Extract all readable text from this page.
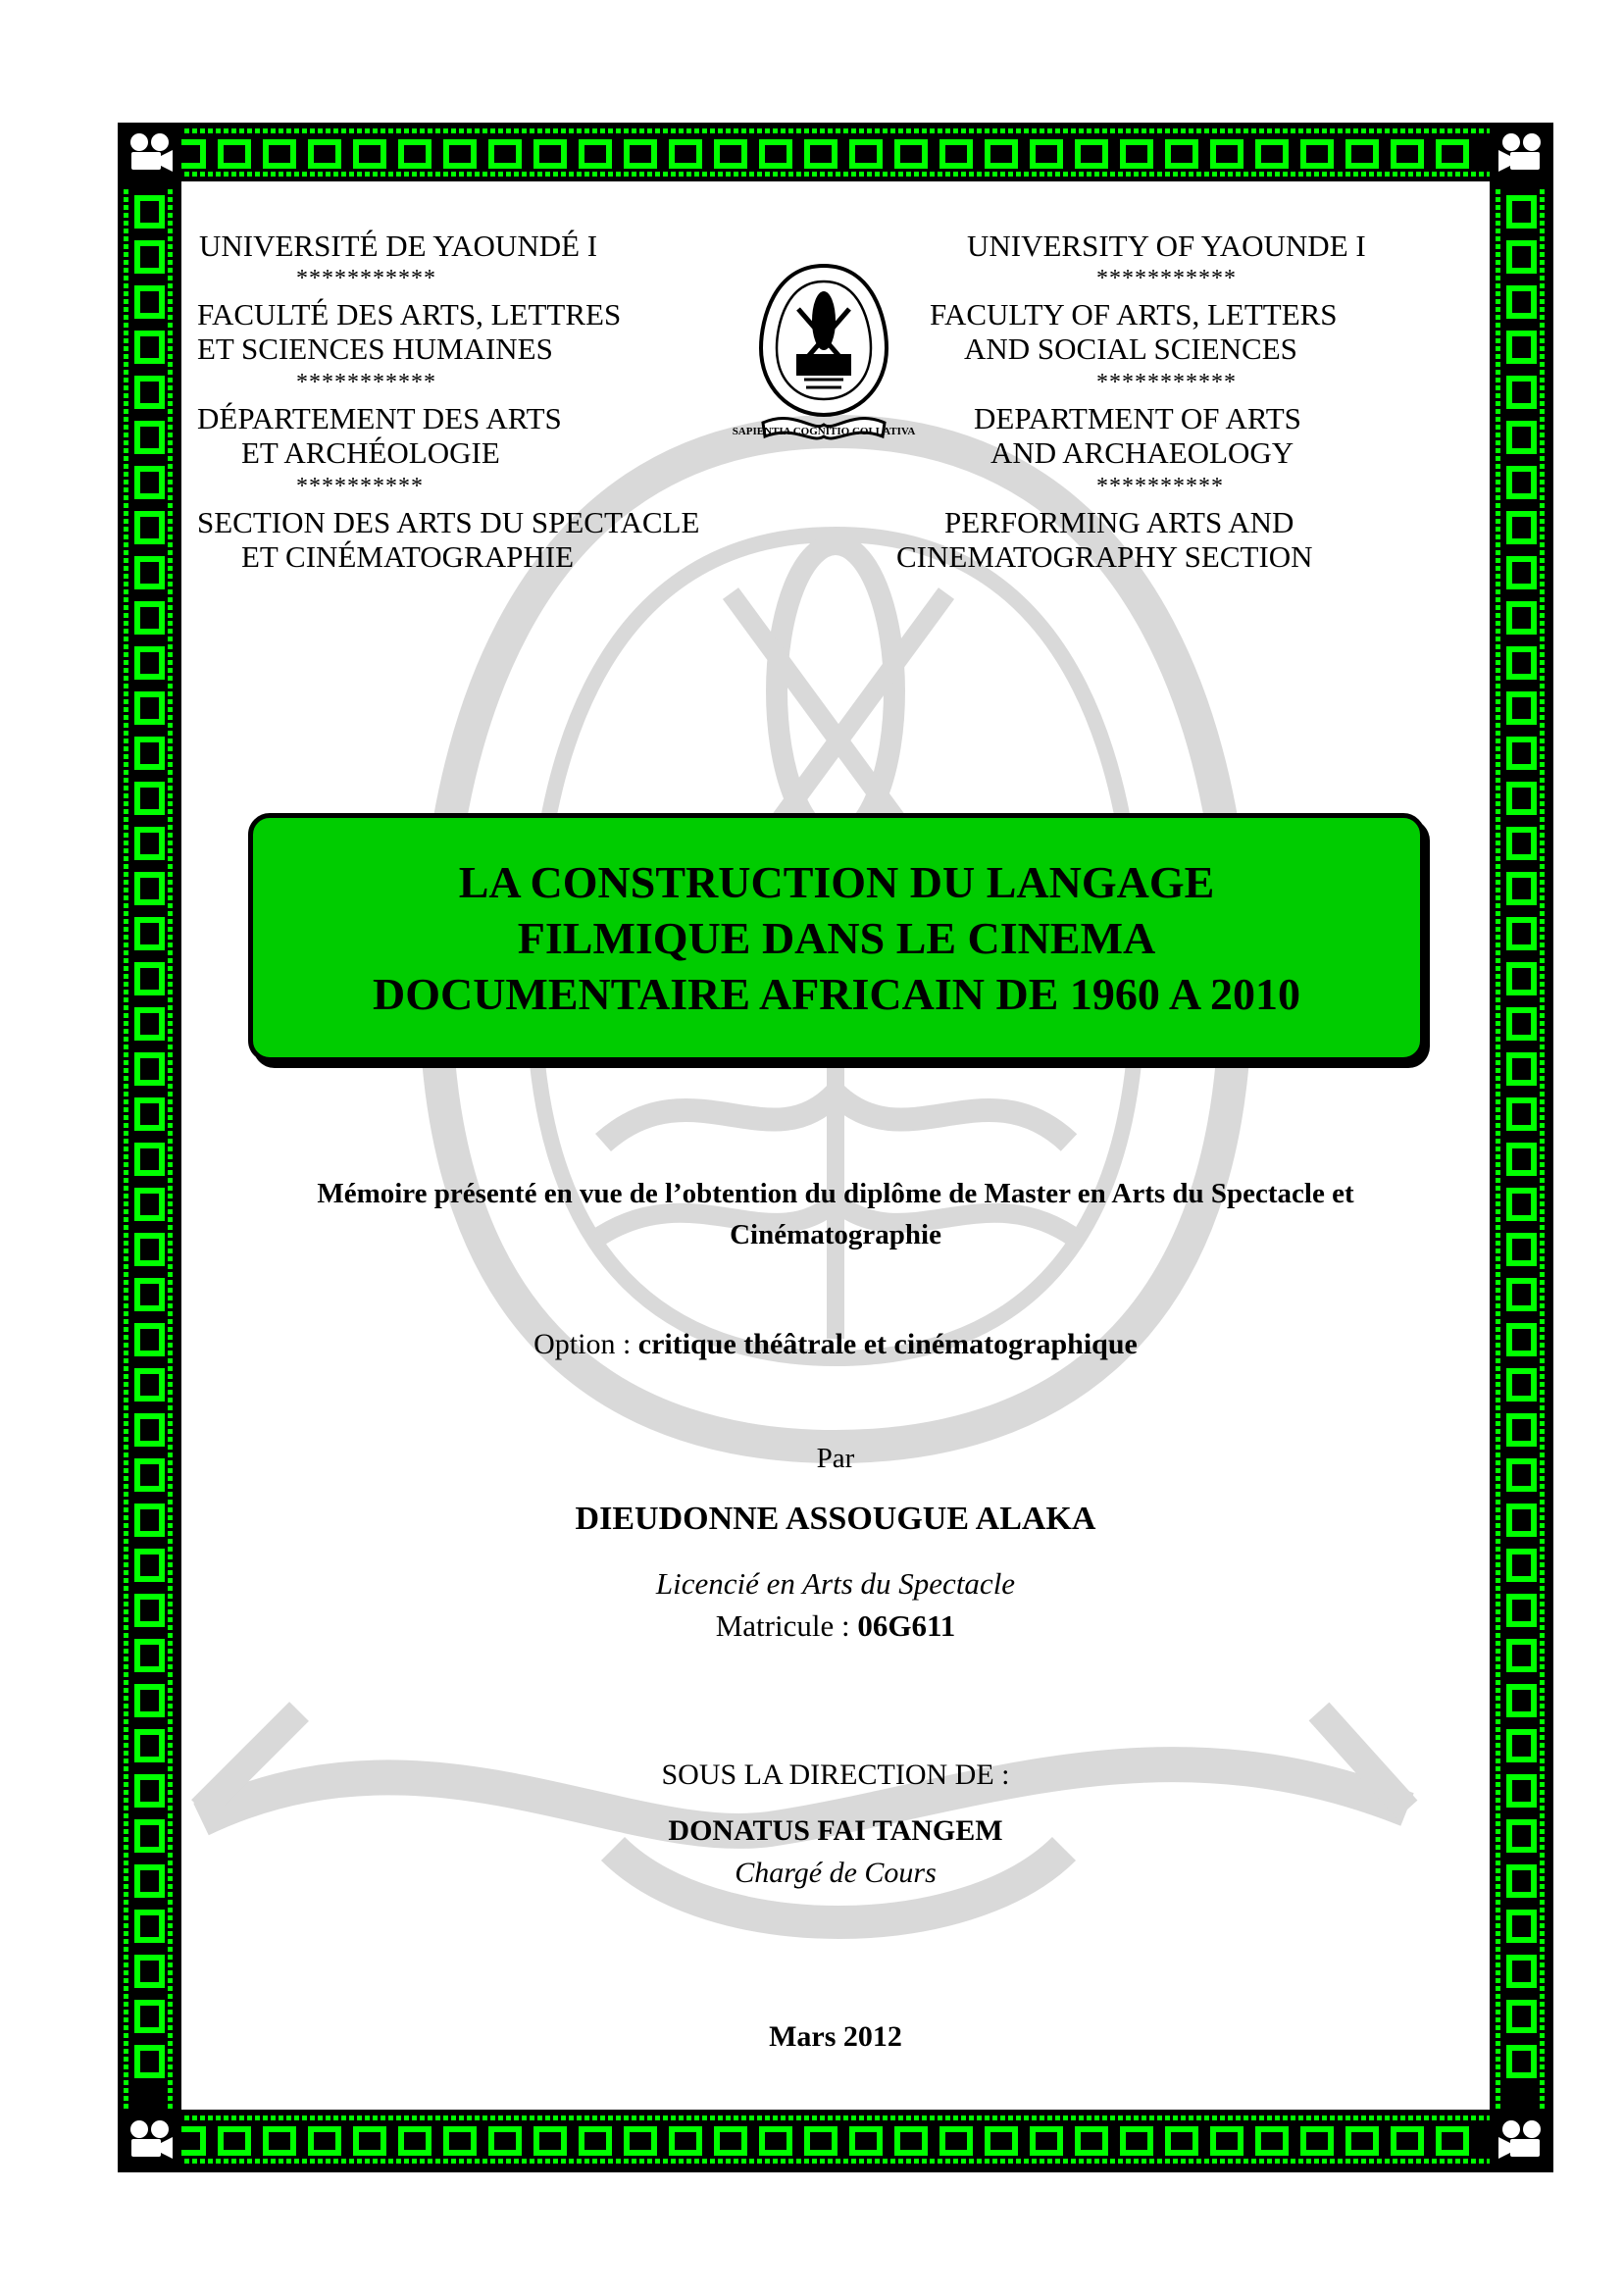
UNIVERSITÉ DE YAOUNDÉ I
***********
FACULTÉ DES ARTS, LETTRES
ET SCIENCES HUMAINES
***********
DÉPARTEMENT DES ARTS
ET ARCHÉOLOGIE
**********
SECTION DES ARTS DU SPECTACLE
ET CINÉMATOGRAPHIE
SAPIENTIA COGNITIO COLLATIVA
UNIVERSITY OF YAOUNDE I
***********
FACULTY OF ARTS, LETTERS
AND SOCIAL SCIENCES
***********
DEPARTMENT OF ARTS
AND ARCHAEOLOGY
**********
PERFORMING ARTS AND
CINEMATOGRAPHY SECTION
LA CONSTRUCTION DU LANGAGE
FILMIQUE DANS LE CINEMA
DOCUMENTAIRE AFRICAIN DE 1960 A 2010
Mémoire présenté en vue de l’obtention du diplôme de Master en Arts du Spectacle et
Cinématographie
Option : critique théâtrale et cinématographique
Par
DIEUDONNE ASSOUGUE ALAKA
Licencié en Arts du Spectacle
Matricule : 06G611
SOUS LA DIRECTION DE :
DONATUS FAI TANGEM
Chargé de Cours
Mars 2012
